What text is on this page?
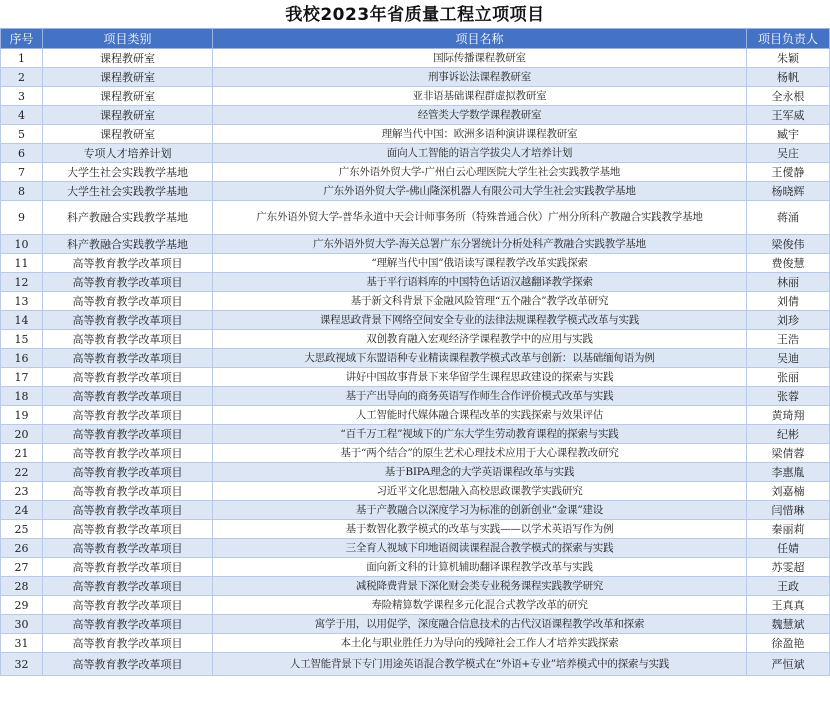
我校2023年省质量工程立项项目
序号	项目类别	项目名称	项目负责人
1	课程教研室	国际传播课程教研室	朱颖
2	课程教研室	刑事诉讼法课程教研室	杨帆
3	课程教研室	亚非语基础课程群虚拟教研室	全永根
4	课程教研室	经管类大学数学课程教研室	王军威
5	课程教研室	理解当代中国：欧洲多语种演讲课程教研室	臧宇
6	专项人才培养计划	面向人工智能的语言学拔尖人才培养计划	吴庄
7	大学生社会实践教学基地	广东外语外贸大学-广州白云心理医院大学生社会实践教学基地	王僾静
8	大学生社会实践教学基地	广东外语外贸大学-佛山隆深机器人有限公司大学生社会实践教学基地	杨晓辉
9	科产教融合实践教学基地	广东外语外贸大学-普华永道中天会计师事务所（特殊普通合伙）广州分所科产教融合实践教学基地	蒋涌
10	科产教融合实践教学基地	广东外语外贸大学-海关总署广东分署统计分析处科产教融合实践教学基地	梁俊伟
11	高等教育教学改革项目	“理解当代中国”俄语读写课程教学改革实践探索	费俊慧
12	高等教育教学改革项目	基于平行语料库的中国特色话语汉越翻译教学探索	林丽
13	高等教育教学改革项目	基于新文科背景下金融风险管理“五个融合”教学改革研究	刘倩
14	高等教育教学改革项目	课程思政背景下网络空间安全专业的法律法规课程教学模式改革与实践	刘珍
15	高等教育教学改革项目	双创教育融入宏观经济学课程教学中的应用与实践	王浩
16	高等教育教学改革项目	大思政视域下东盟语种专业精读课程教学模式改革与创新：以基础缅甸语为例	吴迪
17	高等教育教学改革项目	讲好中国故事背景下来华留学生课程思政建设的探索与实践	张丽
18	高等教育教学改革项目	基于产出导向的商务英语写作师生合作评价模式改革与实践	张蓉
19	高等教育教学改革项目	人工智能时代媒体融合课程改革的实践探索与效果评估	黄琦翔
20	高等教育教学改革项目	“百千万工程”视域下的广东大学生劳动教育课程的探索与实践	纪彬
21	高等教育教学改革项目	基于“两个结合”的原生艺术心理技术应用于大心课程教改研究	梁倩蓉
22	高等教育教学改革项目	基于BIPA理念的大学英语课程改革与实践	李惠胤
23	高等教育教学改革项目	习近平文化思想融入高校思政课教学实践研究	刘嘉楠
24	高等教育教学改革项目	基于产教融合以深度学习为标准的创新创业“金课”建设	闫惜琳
25	高等教育教学改革项目	基于数智化教学模式的改革与实践——以学术英语写作为例	秦丽莉
26	高等教育教学改革项目	三全育人视域下印地语阅读课程混合教学模式的探索与实践	任婧
27	高等教育教学改革项目	面向新文科的计算机辅助翻译课程教学改革与实践	苏雯超
28	高等教育教学改革项目	减税降费背景下深化财会类专业税务课程实践教学研究	王政
29	高等教育教学改革项目	寿险精算数学课程多元化混合式教学改革的研究	王真真
30	高等教育教学改革项目	寓学于用，以用促学，深度融合信息技术的古代汉语课程教学改革和探索	魏慧斌
31	高等教育教学改革项目	本土化与职业胜任力为导向的残障社会工作人才培养实践探索	徐盈艳
32	高等教育教学改革项目	人工智能背景下专门用途英语混合教学模式在“外语+专业”培养模式中的探索与实践	严恒斌
